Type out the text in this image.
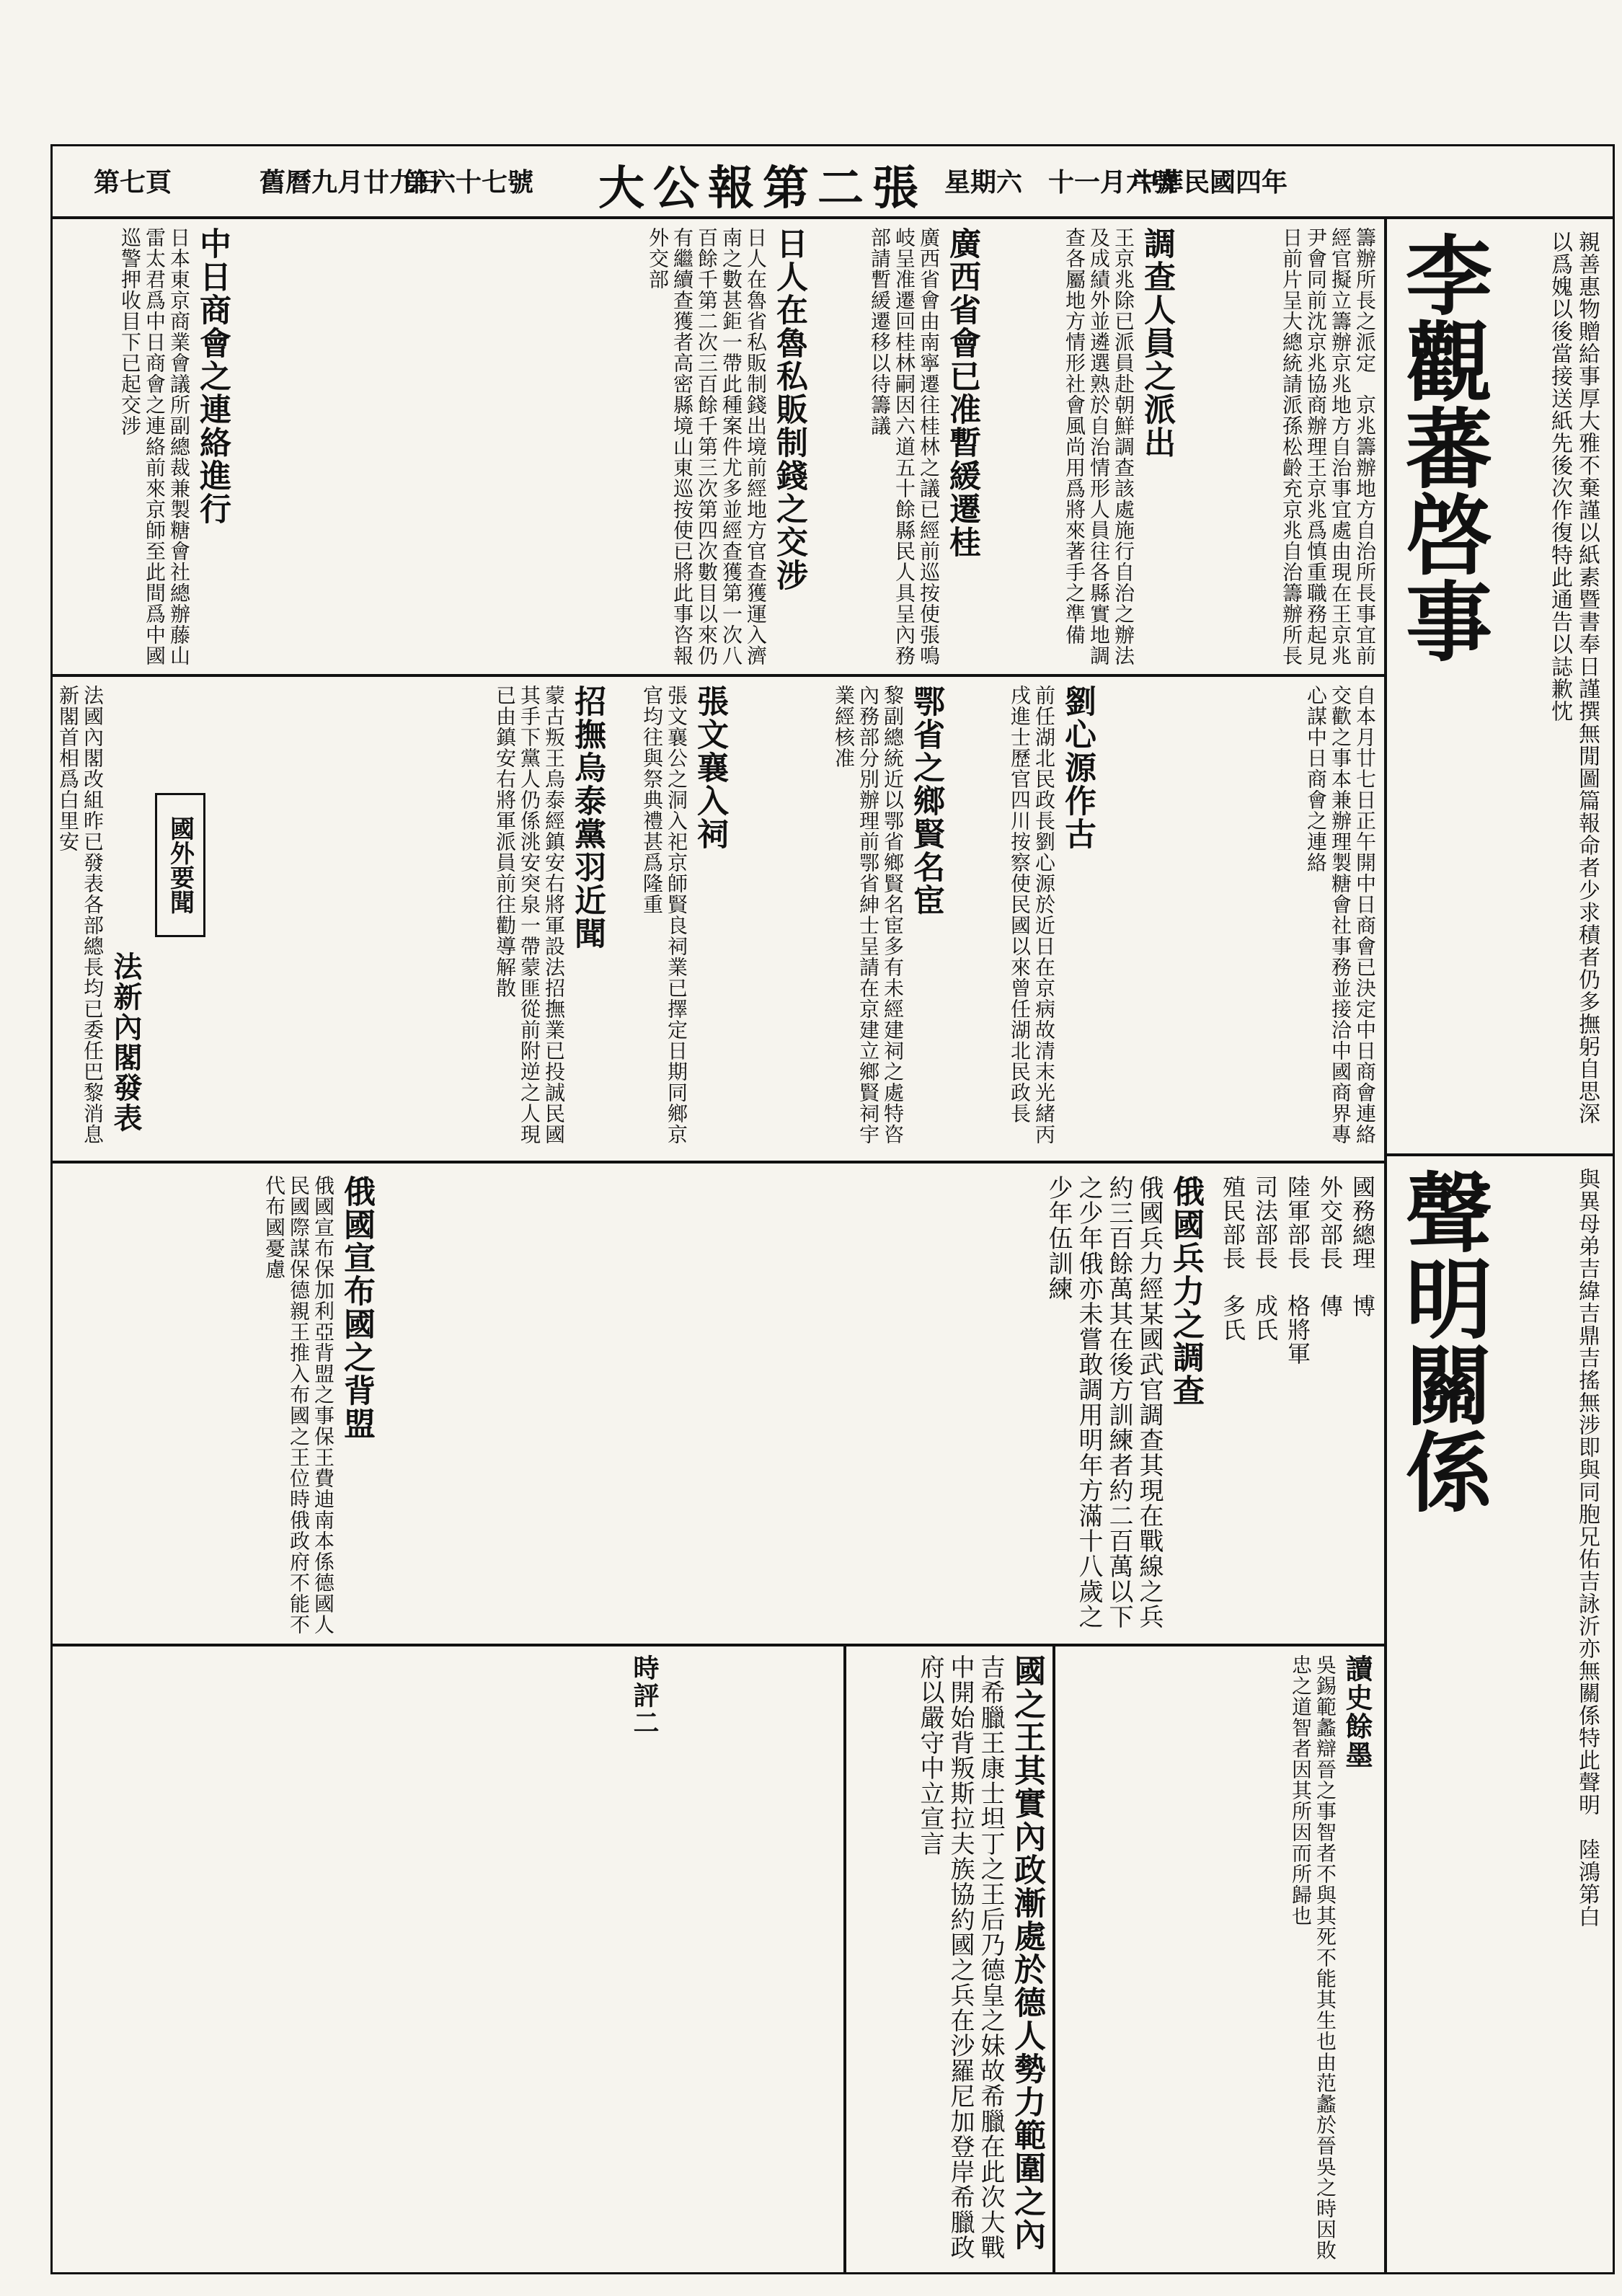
第七頁	舊曆九月廿九日
第六十七號 大公報第二張 星期六　十一月六號
中華民國四年
李觀蕃啓事	親善惠物贈給事厚大雅不棄謹以紙素暨書奉日謹撰無閒圖篇報命者少求積者仍多撫躬自思深以爲媿以後當接送紙先後次作復特此通告以誌歉忱
聲明關係	與異母弟吉緯吉鼎吉搖無涉即與同胞兄佑吉詠沂亦無關係特此聲明　陸鴻第白
籌辦所長之派定　京兆籌辦地方自治所長事宜前經官擬立籌辦京兆地方自治事宜處由現在王京兆尹會同前沈京兆協商辦理王京兆爲慎重職務起見日前片呈大總統請派孫松齡充京兆自治籌辦所長
調查人員之派出
王京兆除已派員赴朝鮮調查該處施行自治之辦法及成績外並遴選熟於自治情形人員往各縣實地調查各屬地方情形社會風尚用爲將來著手之準備
廣西省會已准暫緩遷桂
廣西省會由南寧遷往桂林之議已經前巡按使張鳴岐呈准遷回桂林嗣因六道五十餘縣民人具呈內務部請暫緩遷移以待籌議
日人在魯私販制錢之交涉
日人在魯省私販制錢出境前經地方官查獲運入濟南之數甚鉅一帶此種案件尤多並經查獲第一次八百餘千第二次三百餘千第三次第四次數目以來仍有繼續查獲者高密縣境山東巡按使已將此事咨報外交部
中日商會之連絡進行
日本東京商業會議所副總裁兼製糖會社總辦藤山雷太君爲中日商會之連絡前來京師至此間爲中國巡警押收目下已起交涉
自本月廿七日正午開中日商會已決定中日商會連絡交歡之事本兼辦理製糖會社事務並接洽中國商界專心謀中日商會之連絡
劉心源作古
前任湖北民政長劉心源於近日在京病故清末光緒丙戌進士歷官四川按察使民國以來曾任湖北民政長
鄂省之鄉賢名宦
黎副總統近以鄂省鄉賢名宦多有未經建祠之處特咨內務部分別辦理前鄂省紳士呈請在京建立鄉賢祠宇業經核准
張文襄入祠
張文襄公之洞入祀京師賢良祠業已擇定日期同鄉京官均往與祭典禮甚爲隆重
招撫烏泰黨羽近聞
蒙古叛王烏泰經鎮安右將軍設法招撫業已投誠民國其手下黨人仍係洮安突泉一帶蒙匪從前附逆之人現已由鎮安右將軍派員前往勸導解散
國外要聞
法新內閣發表
法國內閣改組昨已發表各部總長均已委任巴黎消息新閣首相爲白里安
國務總理　博
外交部長　傳
陸軍部長　格將軍
司法部長　成氏
殖民部長　多氏
俄國兵力之調查
俄國兵力經某國武官調查其現在戰線之兵約三百餘萬其在後方訓練者約二百萬以下之少年俄亦未嘗敢調用明年方滿十八歲之少年伍訓練
俄國宣布國之背盟
俄國宣布保加利亞背盟之事保王費迪南本係德國人民國際謀保德親王推入布國之王位時俄政府不能不代布國憂慮
讀史餘墨
吳錫範蠡辯晉之事智者不與其死不能其生也由范蠡於晉吳之時因敗忠之道智者因其所因而所歸也
國之王其實內政漸處於德人勢力範圍之內
吉希臘王康士坦丁之王后乃德皇之妹故希臘在此次大戰中開始背叛斯拉夫族協約國之兵在沙羅尼加登岸希臘政府以嚴守中立宣言
時評二
